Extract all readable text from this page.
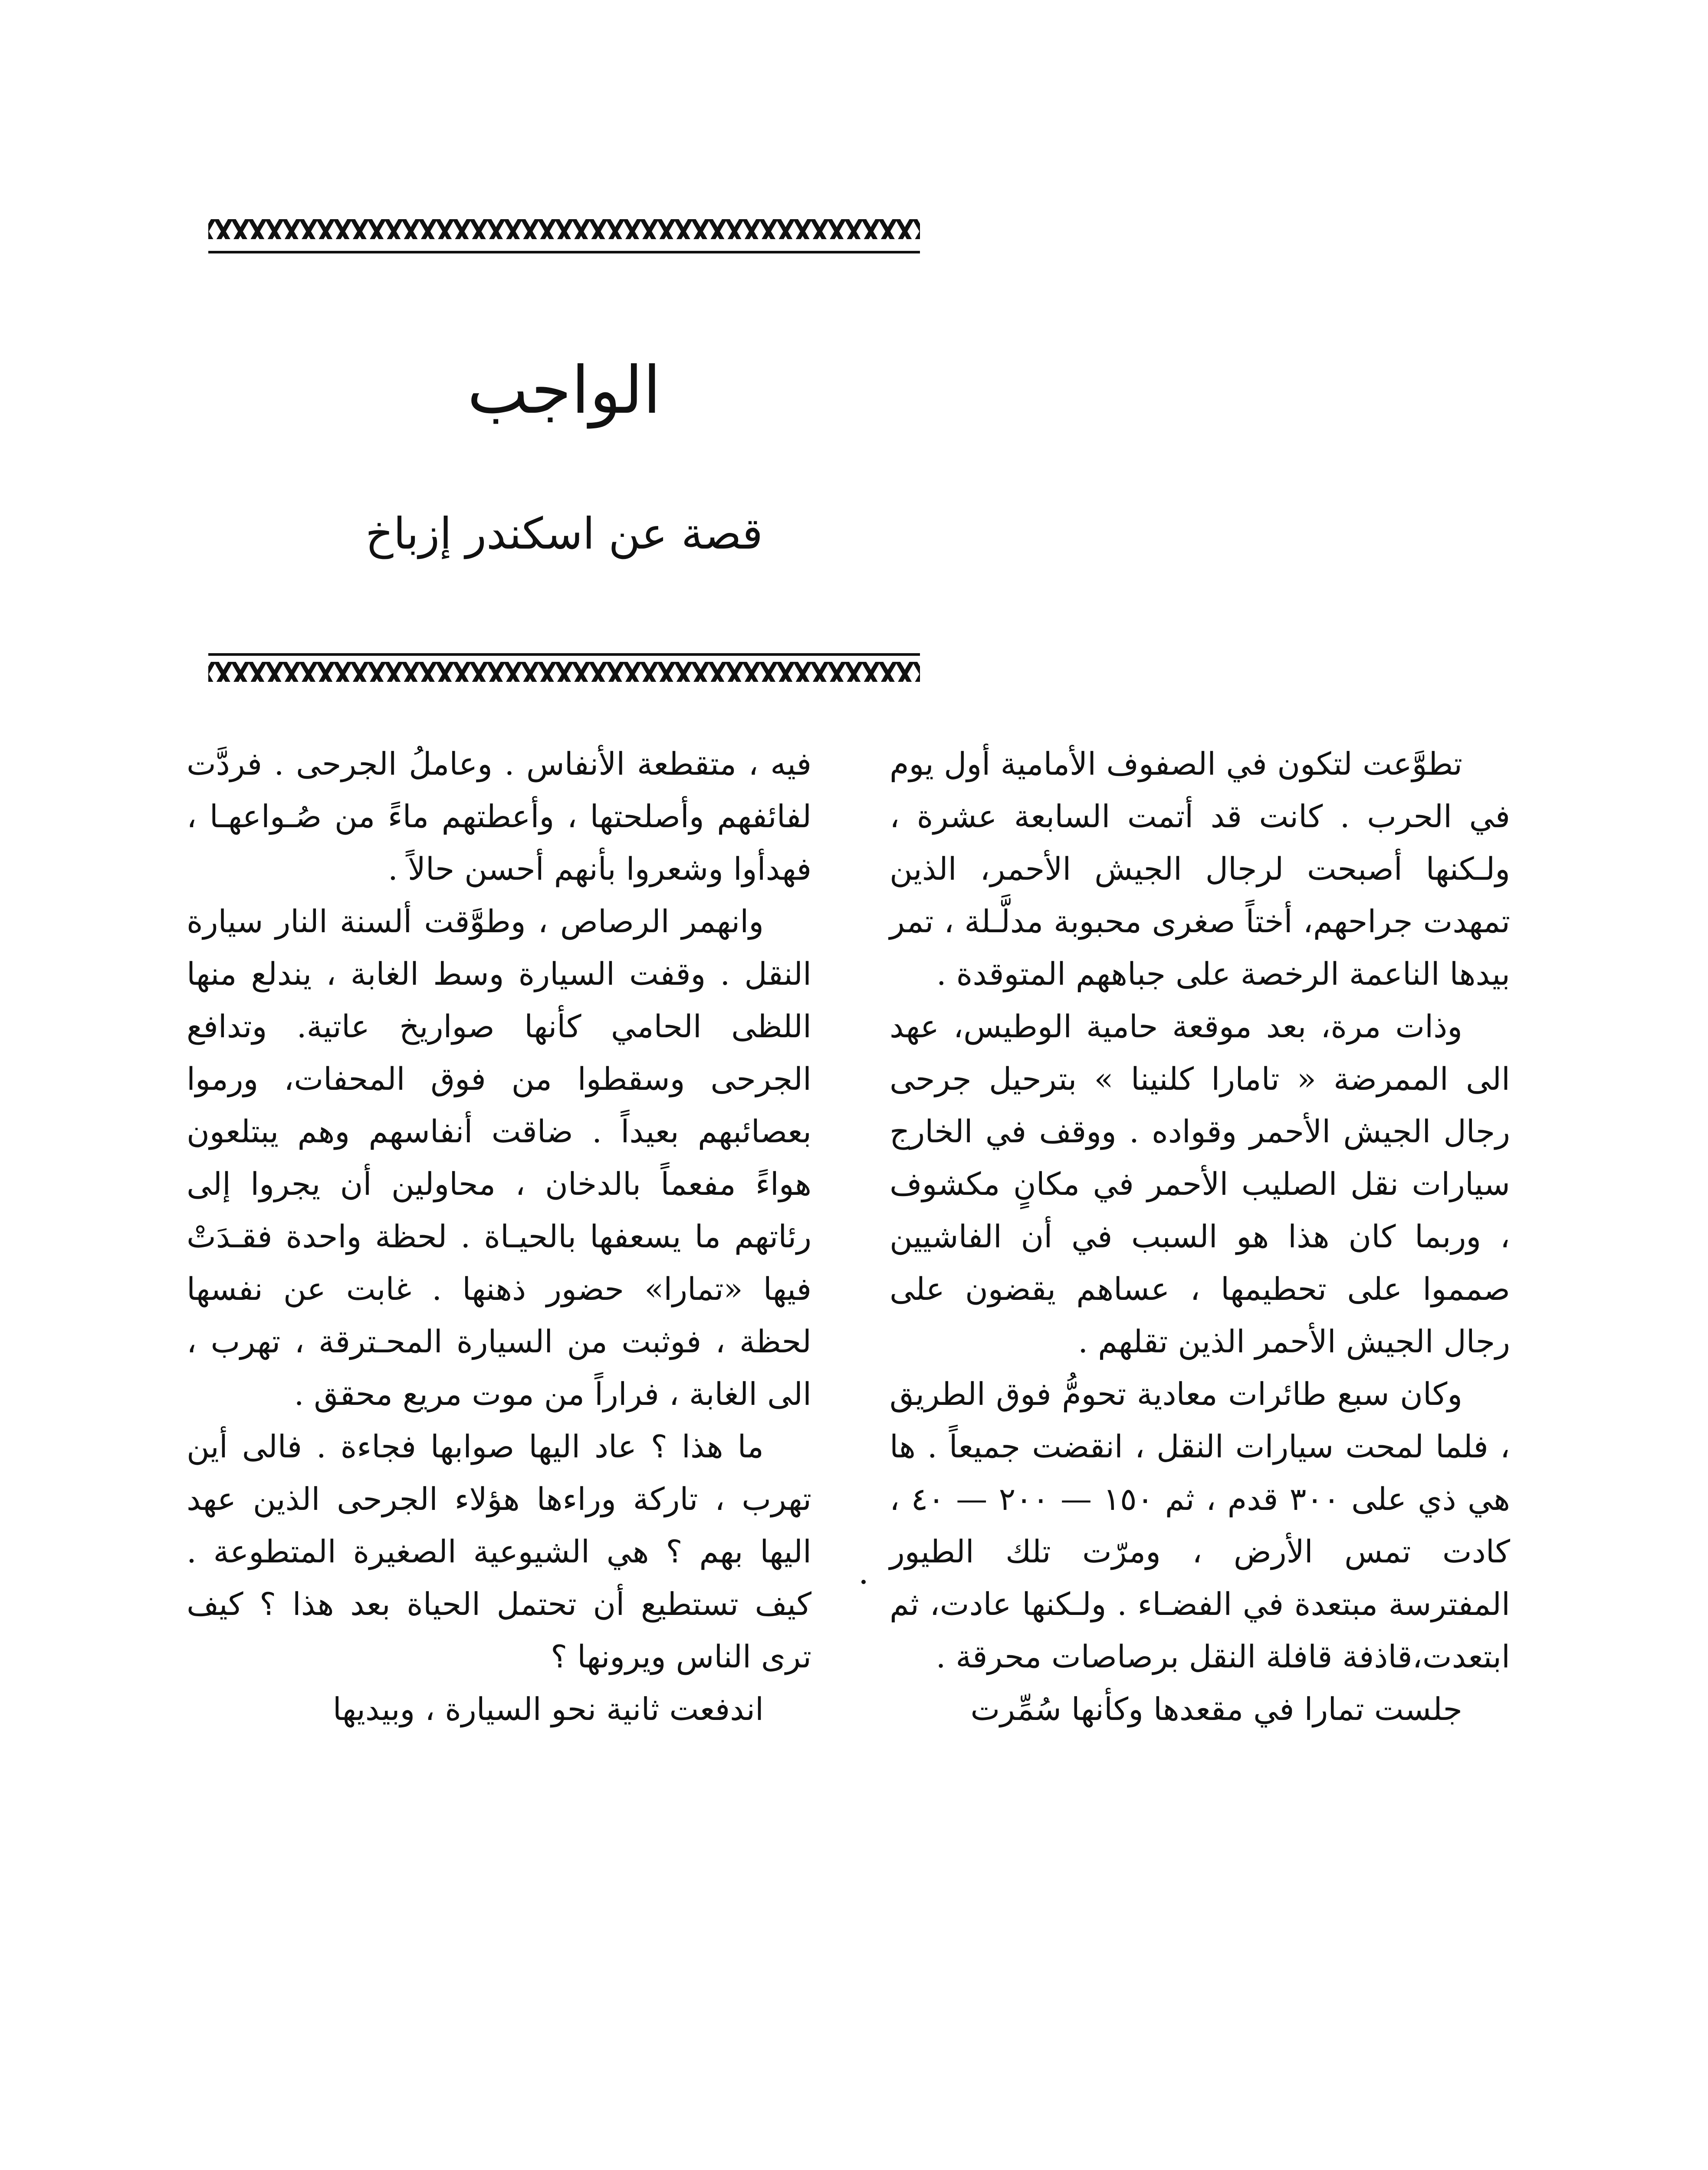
الواجب
قصة عن اسكندر إزباخ

تطوَّعت لتكون في الصفوف الأمامية أول يوم في الحرب . كانت قد أتمت السابعة عشرة ، ولـكنها أصبحت لرجال الجيش الأحمر، الذين ‌تمهدت جراحهم، أختاً صغرى محبوبة مدلَّـلة ، تمر بيدها الناعمة الرخصة على جباههم المتوقدة .

وذات مرة، بعد موقعة حامية الوطيس، عهد الى الممرضة « تامارا كلنينا » بترحيل جرحى رجال الجيش الأحمر وقواده . ووقف في الخارج سيارات نقل الصليب الأحمر في مكانٍ مكشوف ، وربما كان هذا هو السبب في أن الفاشيين صمموا على تحطيمها ، عساهم يقضون على رجال الجيش الأحمر الذين تقلهم .

وكان سبع طائرات معادية تحومُّ فوق الطريق ، فلما لمحت سيارات النقل ، انقضت جميعاً . ها هي ذي على ٣٠٠ قدم ، ثم ١٥٠ — ٢٠٠ — ٤٠ ، كادت تمس الأرض ، ومرّت تلك الطيور المفترسة مبتعدة في الفضـاء . ولـكنها عادت، ثم ابتعدت،قاذفة قافلة النقل برصاصات محرقة .

جلست تمارا في مقعدها وكأنها سُمِّرت

فيه ، متقطعة الأنفاس . وعاملُ الجرحى . فردَّت لفائفهم وأصلحتها ، وأعطتهم ماءً من صُـواعهـا ، فهدأوا وشعروا بأنهم أحسن حالاً .

وانهمر الرصاص ، وطوَّقت ألسنة النار سيارة النقل . وقفت السيارة وسط الغابة ، يندلع منها اللظى الحامي كأنها صواريخ عاتية. وتدافع الجرحى وسقطوا من فوق المحفات، ورموا بعصائبهم بعيداً . ضاقت أنفاسهم وهم يبتلعون هواءً مفعماً بالدخان ، محاولين أن يجروا إلى رئاتهم ما يسعفها بالحيـاة . لحظة واحدة فقـدَتْ فيها «تمارا» حضور ذهنها . غابت عن نفسها لحظة ، فوثبت من السيارة المحـترقة ، تهرب ، الى الغابة ، فراراً من موت مريع محقق .

ما هذا ؟ عاد اليها صوابها فجاءة . فالى أين تهرب ، تاركة وراءها هؤلاء الجرحى الذين عهد اليها بهم ؟ هي الشيوعية الصغيرة المتطوعة . كيف تستطيع أن تحتمل الحياة بعد هذا ؟ كيف ترى الناس ويرونها ؟

اندفعت ثانية نحو السيارة ، وبيديها
